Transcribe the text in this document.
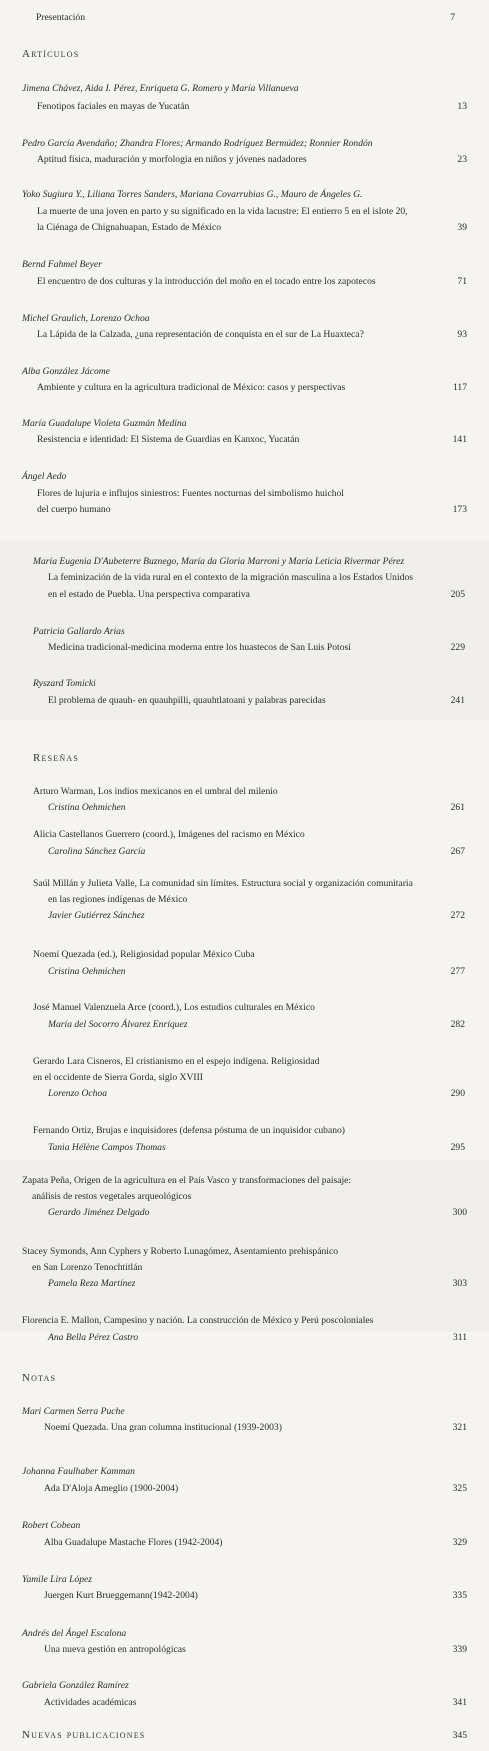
Presentación	7
Artículos
Jimena Chávez, Aida I. Pérez, Enriqueta G. Romero y María Villanueva
Fenotipos faciales en mayas de Yucatán	13
Pedro García Avendaño; Zhandra Flores; Armando Rodríguez Bermúdez; Ronnier Rondón
Aptitud física, maduración y morfología en niños y jóvenes nadadores	23
Yoko Sugiura Y., Liliana Torres Sanders, Mariana Covarrubias G., Mauro de Ángeles G.
La muerte de una joven en parto y su significado en la vida lacustre: El entierro 5 en el islote 20,
la Ciénaga de Chignahuapan, Estado de México	39
Bernd Fahmel Beyer
El encuentro de dos culturas y la introducción del moño en el tocado entre los zapotecos	71
Michel Graulich, Lorenzo Ochoa
La Lápida de la Calzada, ¿una representación de conquista en el sur de La Huaxteca?	93
Alba González Jácome
Ambiente y cultura en la agricultura tradicional de México: casos y perspectivas	117
María Guadalupe Violeta Guzmán Medina
Resistencia e identidad: El Sistema de Guardias en Kanxoc, Yucatán	141
Ángel Aedo
Flores de lujuria e influjos siniestros: Fuentes nocturnas del simbolismo huichol
del cuerpo humano	173
María Eugenia D'Aubeterre Buznego, María da Gloria Marroni y María Leticia Rivermar Pérez
La feminización de la vida rural en el contexto de la migración masculina a los Estados Unidos
en el estado de Puebla. Una perspectiva comparativa	205
Patricia Gallardo Arias
Medicina tradicional-medicina moderna entre los huastecos de San Luis Potosí	229
Ryszard Tomicki
El problema de quauh- en quauhpilli, quauhtlatoani y palabras parecidas	241
Reseñas
Arturo Warman, Los indios mexicanos en el umbral del milenio
Cristina Oehmichen	261
Alicia Castellanos Guerrero (coord.), Imágenes del racismo en México
Carolina Sánchez García	267
Saúl Millán y Julieta Valle, La comunidad sin límites. Estructura social y organización comunitaria
en las regiones indígenas de México
Javier Gutiérrez Sánchez	272
Noemí Quezada (ed.), Religiosidad popular México Cuba
Cristina Oehmichen	277
José Manuel Valenzuela Arce (coord.), Los estudios culturales en México
María del Socorro Álvarez Enríquez	282
Gerardo Lara Cisneros, El cristianismo en el espejo indígena. Religiosidad
en el occidente de Sierra Gorda, siglo XVIII
Lorenzo Ochoa	290
Fernando Ortiz, Brujas e inquisidores (defensa póstuma de un inquisidor cubano)
Tania Hélène Campos Thomas	295
Zapata Peña, Origen de la agricultura en el País Vasco y transformaciones del paisaje:
análisis de restos vegetales arqueológicos
Gerardo Jiménez Delgado	300
Stacey Symonds, Ann Cyphers y Roberto Lunagómez, Asentamiento prehispánico
en San Lorenzo Tenochtitlán
Pamela Reza Martínez	303
Florencia E. Mallon, Campesino y nación. La construcción de México y Perú poscoloniales
Ana Bella Pérez Castro	311
Notas
Mari Carmen Serra Puche
Noemí Quezada. Una gran columna institucional (1939-2003)	321
Johanna Faulhaber Kamman
Ada D'Aloja Ameglio (1900-2004)	325
Robert Cobean
Alba Guadalupe Mastache Flores (1942-2004)	329
Yamile Lira López
Juergen Kurt Brueggemann(1942-2004)	335
Andrés del Ángel Escalona
Una nueva gestión en antropológicas	339
Gabriela González Ramírez
Actividades académicas	341
Nuevas publicaciones	345
